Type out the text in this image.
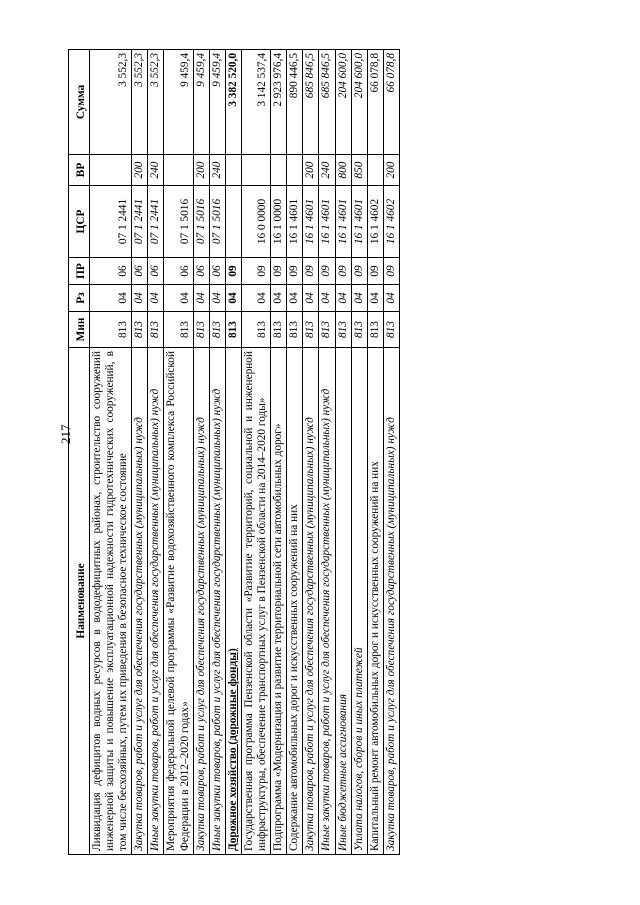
217
Наименование	Мин	Рз	ПР	ЦСР	ВР	Сумма
Ликвидация дефицитов водных ресурсов в вододефицитных районах, строительство сооружений инженерной защиты и повышение эксплуатационной надежности гидротехнических сооружений, в том числе бесхозяйных, путем их приведения в безопасное техническое состояние	813	04	06	07 1 2441		3 552,3
Закупка товаров, работ и услуг для обеспечения государственных (муниципальных) нужд	813	04	06	07 1 2441	200	3 552,3
Иные закупки товаров, работ и услуг для обеспечения государственных (муниципальных) нужд	813	04	06	07 1 2441	240	3 552,3
Мероприятия федеральной целевой программы «Развитие водохозяйственного комплекса Российской Федерации в 2012–2020 годах»	813	04	06	07 1 5016		9 459,4
Закупка товаров, работ и услуг для обеспечения государственных (муниципальных) нужд	813	04	06	07 1 5016	200	9 459,4
Иные закупки товаров, работ и услуг для обеспечения государственных (муниципальных) нужд	813	04	06	07 1 5016	240	9 459,4
Дорожное хозяйство (дорожные фонды)	813	04	09			3 382 520,0
Государственная программа Пензенской области «Развитие территорий, социальной и инженерной инфраструктуры, обеспечение транспортных услуг в Пензенской области на 2014–2020 годы»	813	04	09	16 0 0000		3 142 537,4
Подпрограмма «Модернизация и развитие территориальной сети автомобильных дорог»	813	04	09	16 1 0000		2 923 976,4
Содержание автомобильных дорог и искусственных сооружений на них	813	04	09	16 1 4601		890 446,5
Закупка товаров, работ и услуг для обеспечения государственных (муниципальных) нужд	813	04	09	16 1 4601	200	685 846,5
Иные закупки товаров, работ и услуг для обеспечения государственных (муниципальных) нужд	813	04	09	16 1 4601	240	685 846,5
Иные бюджетные ассигнования	813	04	09	16 1 4601	800	204 600,0
Уплата налогов, сборов и иных платежей	813	04	09	16 1 4601	850	204 600,0
Капитальный ремонт автомобильных дорог и искусственных сооружений на них	813	04	09	16 1 4602		66 078,8
Закупка товаров, работ и услуг для обеспечения государственных (муниципальных) нужд	813	04	09	16 1 4602	200	66 078,8
